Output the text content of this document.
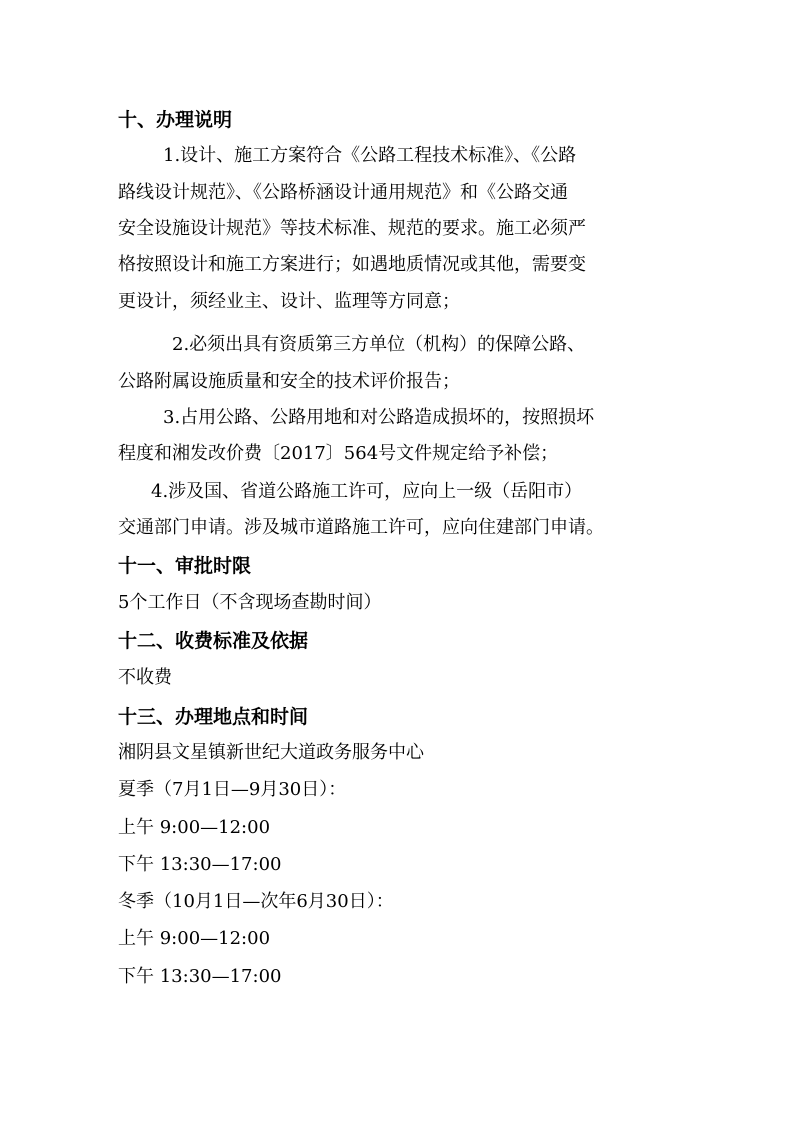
十、办理说明
1.设计、施工方案符合《公路工程技术标准》、《公路
路线设计规范》、《公路桥涵设计通用规范》和《公路交通
安全设施设计规范》等技术标准、规范的要求。施工必须严
格按照设计和施工方案进行；如遇地质情况或其他，需要变
更设计，须经业主、设计、监理等方同意；
2.必须出具有资质第三方单位（机构）的保障公路、
公路附属设施质量和安全的技术评价报告；
3.占用公路、公路用地和对公路造成损坏的，按照损坏
程度和湘发改价费〔2017〕564号文件规定给予补偿；
4.涉及国、省道公路施工许可，应向上一级（岳阳市）
交通部门申请。涉及城市道路施工许可，应向住建部门申请。
十一、审批时限
5个工作日（不含现场查勘时间）
十二、收费标准及依据
不收费
十三、办理地点和时间
湘阴县文星镇新世纪大道政务服务中心
夏季（7月1日—9月30日）：
上午 9:00—12:00
下午 13:30—17:00
冬季（10月1日—次年6月30日）：
上午 9:00—12:00
下午 13:30—17:00
